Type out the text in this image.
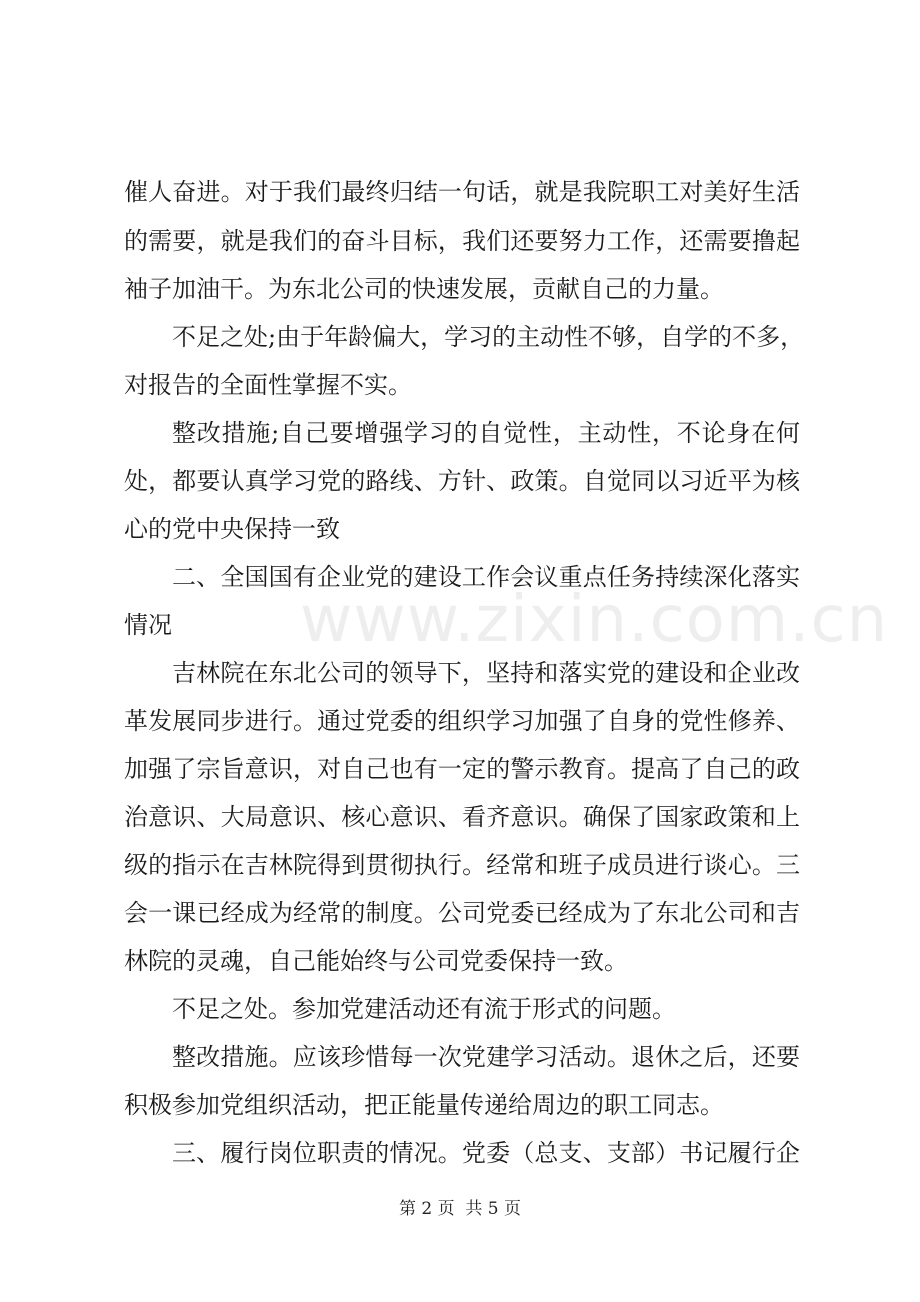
www.zixin.com.cn
催人奋进。对于我们最终归结一句话，就是我院职工对美好生活
的需要，就是我们的奋斗目标，我们还要努力工作，还需要撸起
袖子加油干。为东北公司的快速发展，贡献自己的力量。
不足之处;由于年龄偏大，学习的主动性不够，自学的不多，
对报告的全面性掌握不实。
整改措施;自己要增强学习的自觉性，主动性，不论身在何
处，都要认真学习党的路线、方针、政策。自觉同以习近平为核
心的党中央保持一致
二、全国国有企业党的建设工作会议重点任务持续深化落实
情况
吉林院在东北公司的领导下，坚持和落实党的建设和企业改
革发展同步进行。通过党委的组织学习加强了自身的党性修养、
加强了宗旨意识，对自己也有一定的警示教育。提高了自己的政
治意识、大局意识、核心意识、看齐意识。确保了国家政策和上
级的指示在吉林院得到贯彻执行。经常和班子成员进行谈心。三
会一课已经成为经常的制度。公司党委已经成为了东北公司和吉
林院的灵魂，自己能始终与公司党委保持一致。
不足之处。参加党建活动还有流于形式的问题。
整改措施。应该珍惜每一次党建学习活动。退休之后，还要
积极参加党组织活动，把正能量传递给周边的职工同志。
三、履行岗位职责的情况。党委（总支、支部）书记履行企
第 2 页  共 5 页
